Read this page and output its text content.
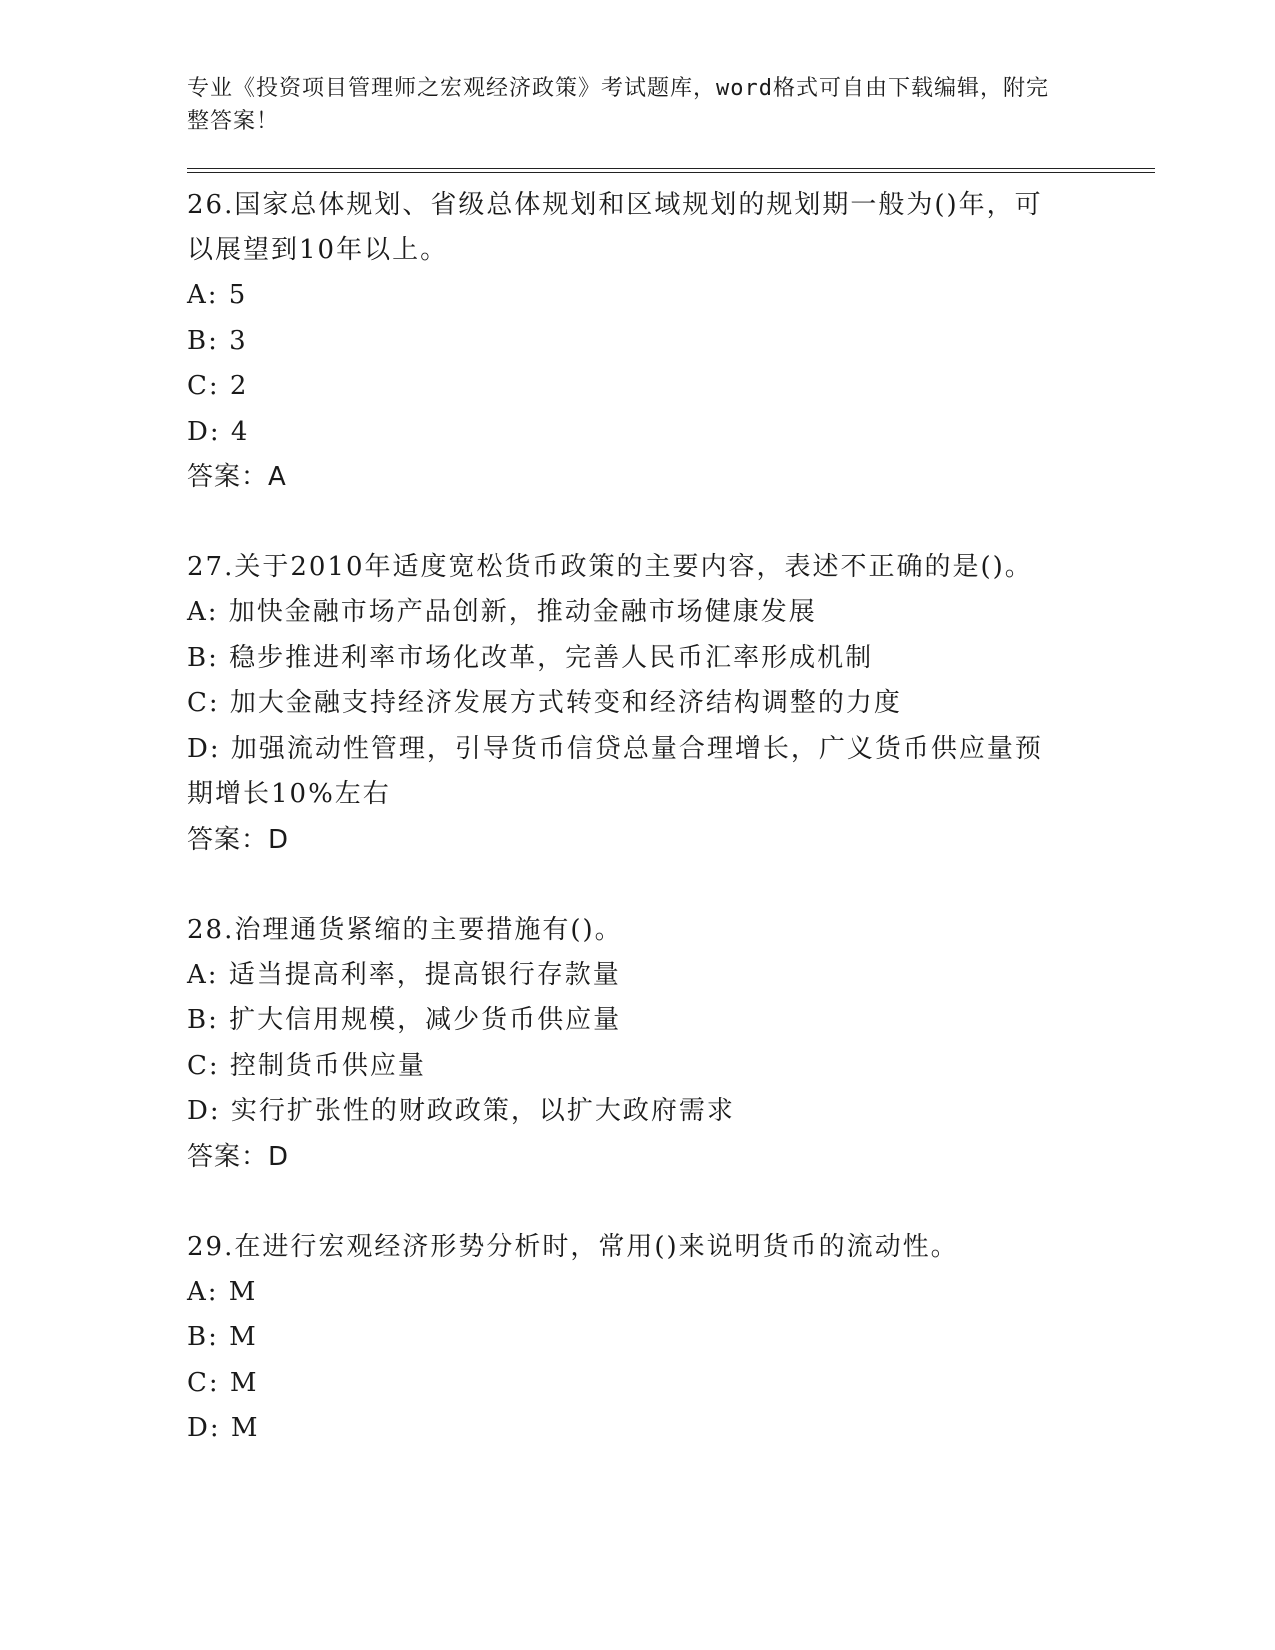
专业《投资项目管理师之宏观经济政策》考试题库，word格式可自由下载编辑，附完整答案！
26.国家总体规划、省级总体规划和区域规划的规划期一般为()年，可以展望到10年以上。
A: 5
B: 3
C: 2
D: 4
答案：A
27.关于2010年适度宽松货币政策的主要内容，表述不正确的是()。
A: 加快金融市场产品创新，推动金融市场健康发展
B: 稳步推进利率市场化改革，完善人民币汇率形成机制
C: 加大金融支持经济发展方式转变和经济结构调整的力度
D: 加强流动性管理，引导货币信贷总量合理增长，广义货币供应量预期增长10%左右
答案：D
28.治理通货紧缩的主要措施有()。
A: 适当提高利率，提高银行存款量
B: 扩大信用规模，减少货币供应量
C: 控制货币供应量
D: 实行扩张性的财政政策，以扩大政府需求
答案：D
29.在进行宏观经济形势分析时，常用()来说明货币的流动性。
A: M
B: M
C: M
D: M
